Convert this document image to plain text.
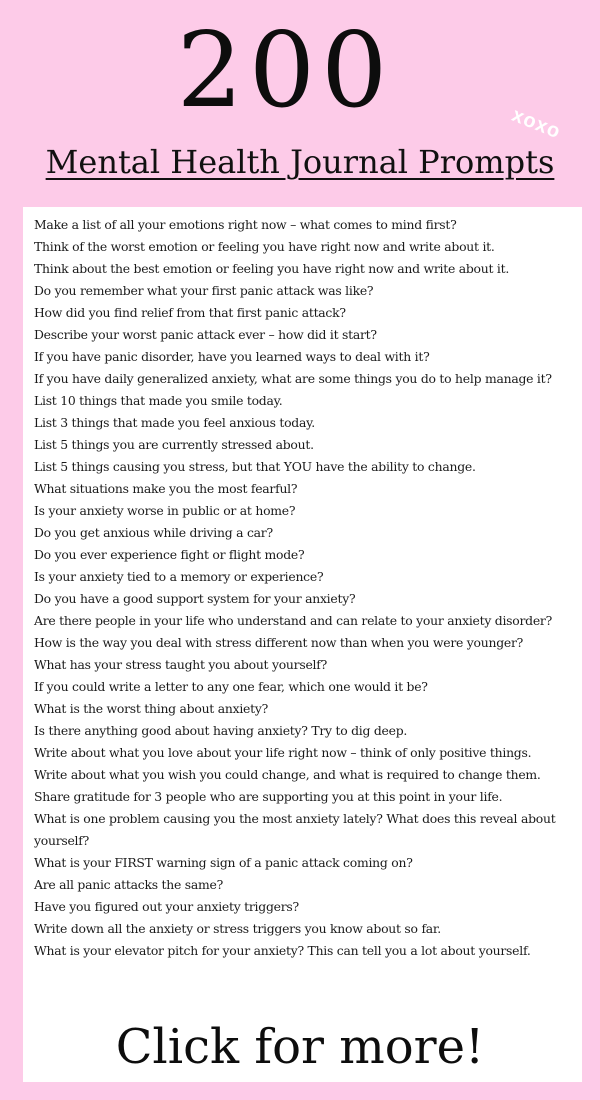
200	xoxo
Mental Health Journal Prompts
Make a list of all your emotions right now – what comes to mind first?
Think of the worst emotion or feeling you have right now and write about it.
Think about the best emotion or feeling you have right now and write about it.
Do you remember what your first panic attack was like?
How did you find relief from that first panic attack?
Describe your worst panic attack ever – how did it start?
If you have panic disorder, have you learned ways to deal with it?
If you have daily generalized anxiety, what are some things you do to help manage it?
List 10 things that made you smile today.
List 3 things that made you feel anxious today.
List 5 things you are currently stressed about.
List 5 things causing you stress, but that YOU have the ability to change.
What situations make you the most fearful?
Is your anxiety worse in public or at home?
Do you get anxious while driving a car?
Do you ever experience fight or flight mode?
Is your anxiety tied to a memory or experience?
Do you have a good support system for your anxiety?
Are there people in your life who understand and can relate to your anxiety disorder?
How is the way you deal with stress different now than when you were younger?
What has your stress taught you about yourself?
If you could write a letter to any one fear, which one would it be?
What is the worst thing about anxiety?
Is there anything good about having anxiety? Try to dig deep.
Write about what you love about your life right now – think of only positive things.
Write about what you wish you could change, and what is required to change them.
Share gratitude for 3 people who are supporting you at this point in your life.
What is one problem causing you the most anxiety lately? What does this reveal about yourself?
What is your FIRST warning sign of a panic attack coming on?
Are all panic attacks the same?
Have you figured out your anxiety triggers?
Write down all the anxiety or stress triggers you know about so far.
What is your elevator pitch for your anxiety? This can tell you a lot about yourself.
Click for more!
